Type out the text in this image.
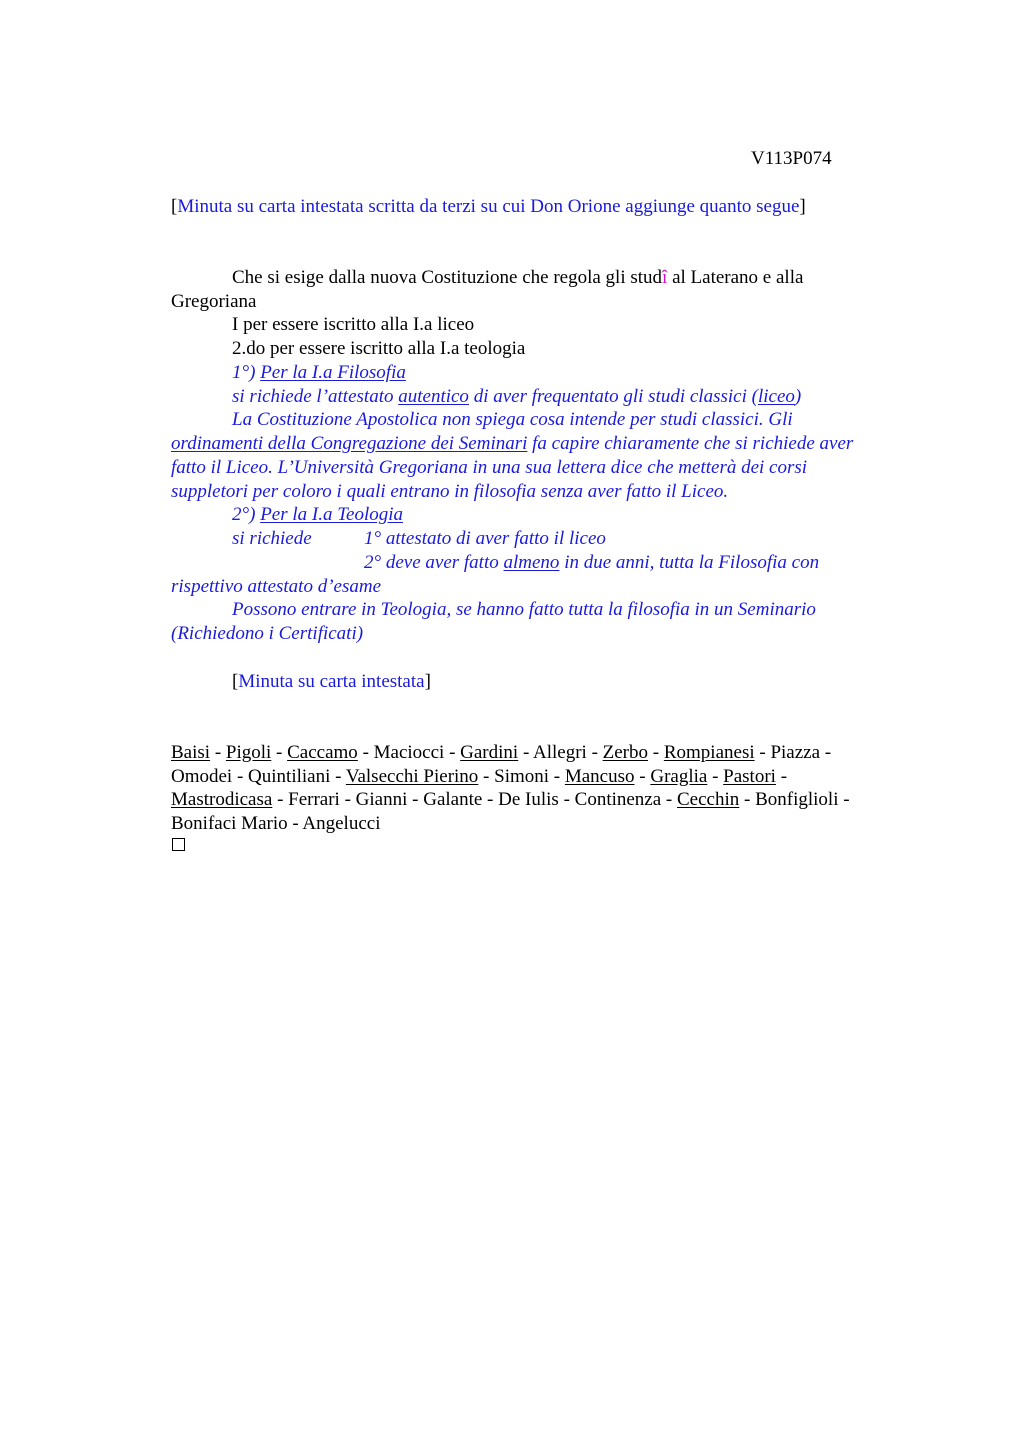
V113P074
[Minuta su carta intestata scritta da terzi su cui Don Orione aggiunge quanto segue]
Che si esige dalla nuova Costituzione che regola gli studî al Laterano e alla
Gregoriana
I per essere iscritto alla I.a liceo
2.do per essere iscritto alla I.a teologia
1°) Per la I.a Filosofia
si richiede l’attestato autentico di aver frequentato gli studi classici (liceo)
La Costituzione Apostolica non spiega cosa intende per studi classici. Gli
ordinamenti della Congregazione dei Seminari fa capire chiaramente che si richiede aver
fatto il Liceo. L’Università Gregoriana in una sua lettera dice che metterà dei corsi
suppletori per coloro i quali entrano in filosofia senza aver fatto il Liceo.
2°) Per la I.a Teologia
si richiede	1° attestato di aver fatto il liceo
2° deve aver fatto almeno in due anni, tutta la Filosofia con
rispettivo attestato d’esame
Possono entrare in Teologia, se hanno fatto tutta la filosofia in un Seminario
(Richiedono i Certificati)
[Minuta su carta intestata]
Baisi - Pigoli - Caccamo - Maciocci - Gardini - Allegri - Zerbo - Rompianesi - Piazza -
Omodei - Quintiliani - Valsecchi Pierino - Simoni - Mancuso - Graglia - Pastori -
Mastrodicasa - Ferrari - Gianni - Galante - De Iulis - Continenza - Cecchin - Bonfiglioli -
Bonifaci Mario - Angelucci
